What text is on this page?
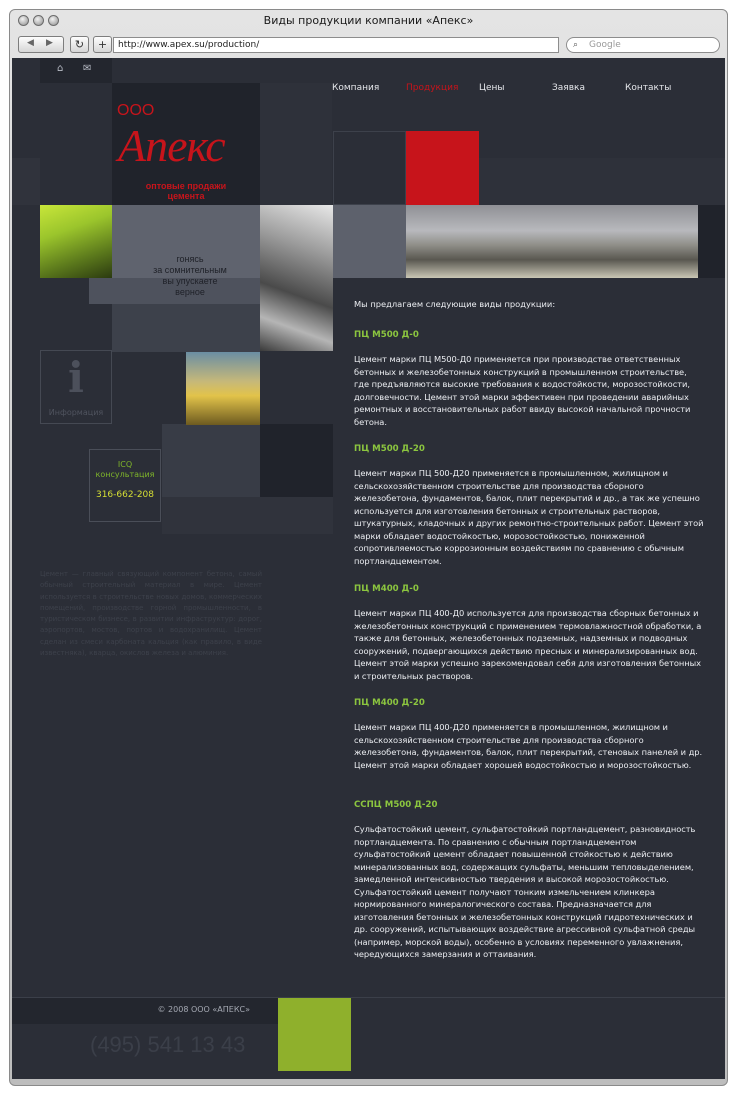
Виды продукции компании «Апекс»
◀ ▶	↻	+	http://www.apex.su/production/	⌕ Google
⌂ ✉
Компания	Продукция Цены	Заявка	Контакты
ООО
Апекс
оптовые продажи
цемента
гонясь
за сомнительным
вы упускаете
верное
i
Информация
ICQ
консультация
316-662-208
Цемент — главный связующий компонент бетона, самый обычный строительный материал в мире. Цемент используется в строительстве новых домов, коммерческих помещений, производстве горной промышленности, в туристическом бизнесе, в развитии инфраструктур: дорог, аэропортов, мостов, портов и водохранилищ. Цемент сделан из смеси карбоната кальция (как правило, в виде известняка), кварца, окислов железа и алюминия.
Мы предлагаем следующие виды продукции:
ПЦ М500 Д-0

Цемент марки ПЦ М500-Д0 применяется при производстве ответственных бетонных и железобетонных конструкций в промышленном строительстве, где предъявляются высокие требования к водостойкости, морозостойкости, долговечности. Цемент этой марки эффективен при проведении аварийных ремонтных и восстановительных работ ввиду высокой начальной прочности бетона.

ПЦ М500 Д-20

Цемент марки ПЦ 500-Д20 применяется в промышленном, жилищном и сельскохозяйственном строительстве для производства сборного железобетона, фундаментов, балок, плит перекрытий и др., а так же успешно используется для изготовления бетонных и строительных растворов, штукатурных, кладочных и других ремонтно-строительных работ. Цемент этой марки обладает водостойкостью, морозостойкостью, пониженной сопротивляемостью коррозионным воздействиям по сравнению с обычным портландцементом.

ПЦ М400 Д-0

Цемент марки ПЦ 400-Д0 используется для производства сборных бетонных и железобетонных конструкций с применением термовлажностной обработки, а также для бетонных, железобетонных подземных, надземных и подводных сооружений, подвергающихся действию пресных и минерализированных вод. Цемент этой марки успешно зарекомендовал себя для изготовления бетонных и строительных растворов.

ПЦ М400 Д-20

Цемент марки ПЦ 400-Д20 применяется в промышленном, жилищном и сельскохозяйственном строительстве для производства сборного железобетона, фундаментов, балок, плит перекрытий, стеновых панелей и др. Цемент этой марки обладает хорошей водостойкостью и морозостойкостью.

ССПЦ М500 Д-20

Сульфатостойкий цемент, сульфатостойкий портландцемент, разновидность портландцемента. По сравнению с обычным портландцементом сульфатостойкий цемент обладает повышенной стойкостью к действию минерализованных вод, содержащих сульфаты, меньшим тепловыделением, замедленной интенсивностью твердения и высокой морозостойкостью. Сульфатостойкий цемент получают тонким измельчением клинкера нормированного минералогического состава. Предназначается для изготовления бетонных и железобетонных конструкций гидротехнических и др. сооружений, испытывающих воздействие агрессивной сульфатной среды (например, морской воды), особенно в условиях переменного увлажнения, чередующихся замерзания и оттаивания.

© 2008 ООО «АПЕКС»
(495) 541 13 43
